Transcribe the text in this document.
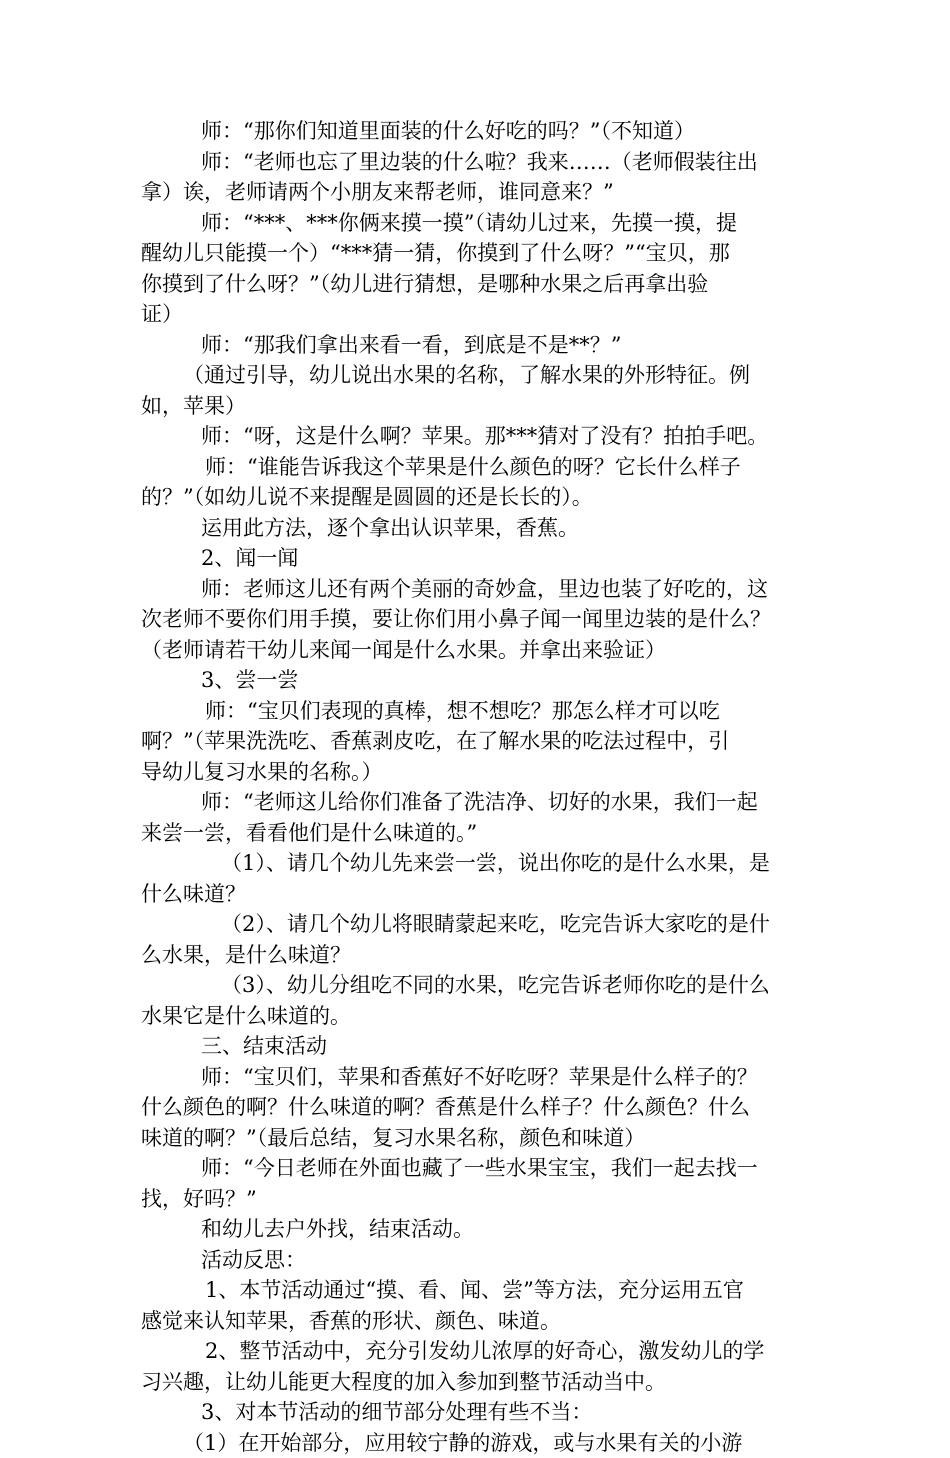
师：“那你们知道里面装的什么好吃的吗？”（不知道）
师：“老师也忘了里边装的什么啦？我来……（老师假装往出
拿）诶，老师请两个小朋友来帮老师，谁同意来？”
师：“***、***你俩来摸一摸”（请幼儿过来，先摸一摸，提
醒幼儿只能摸一个）“***猜一猜，你摸到了什么呀？”“宝贝，那
你摸到了什么呀？”（幼儿进行猜想，是哪种水果之后再拿出验
证）
师：“那我们拿出来看一看，到底是不是**？”
（通过引导，幼儿说出水果的名称，了解水果的外形特征。例
如，苹果）
师：“呀，这是什么啊？苹果。那***猜对了没有？拍拍手吧。
师：“谁能告诉我这个苹果是什么颜色的呀？它长什么样子
的？”（如幼儿说不来提醒是圆圆的还是长长的）。
运用此方法，逐个拿出认识苹果，香蕉。
2、闻一闻
师：老师这儿还有两个美丽的奇妙盒，里边也装了好吃的，这
次老师不要你们用手摸，要让你们用小鼻子闻一闻里边装的是什么？
（老师请若干幼儿来闻一闻是什么水果。并拿出来验证）
3、尝一尝
师：“宝贝们表现的真棒，想不想吃？那怎么样才可以吃
啊？”（苹果洗洗吃、香蕉剥皮吃，在了解水果的吃法过程中，引
导幼儿复习水果的名称。）
师：“老师这儿给你们准备了洗洁净、切好的水果，我们一起
来尝一尝，看看他们是什么味道的。”
（1）、请几个幼儿先来尝一尝，说出你吃的是什么水果，是
什么味道？
（2）、请几个幼儿将眼睛蒙起来吃，吃完告诉大家吃的是什
么水果，是什么味道？
（3）、幼儿分组吃不同的水果，吃完告诉老师你吃的是什么
水果它是什么味道的。
三、结束活动
师：“宝贝们，苹果和香蕉好不好吃呀？苹果是什么样子的？
什么颜色的啊？什么味道的啊？香蕉是什么样子？什么颜色？什么
味道的啊？”（最后总结，复习水果名称，颜色和味道）
师：“今日老师在外面也藏了一些水果宝宝，我们一起去找一
找，好吗？”
和幼儿去户外找，结束活动。
活动反思：
1、本节活动通过“摸、看、闻、尝”等方法，充分运用五官
感觉来认知苹果，香蕉的形状、颜色、味道。
2、整节活动中，充分引发幼儿浓厚的好奇心，激发幼儿的学
习兴趣，让幼儿能更大程度的加入参加到整节活动当中。
3、对本节活动的细节部分处理有些不当：
（1）在开始部分，应用较宁静的游戏，或与水果有关的小游
